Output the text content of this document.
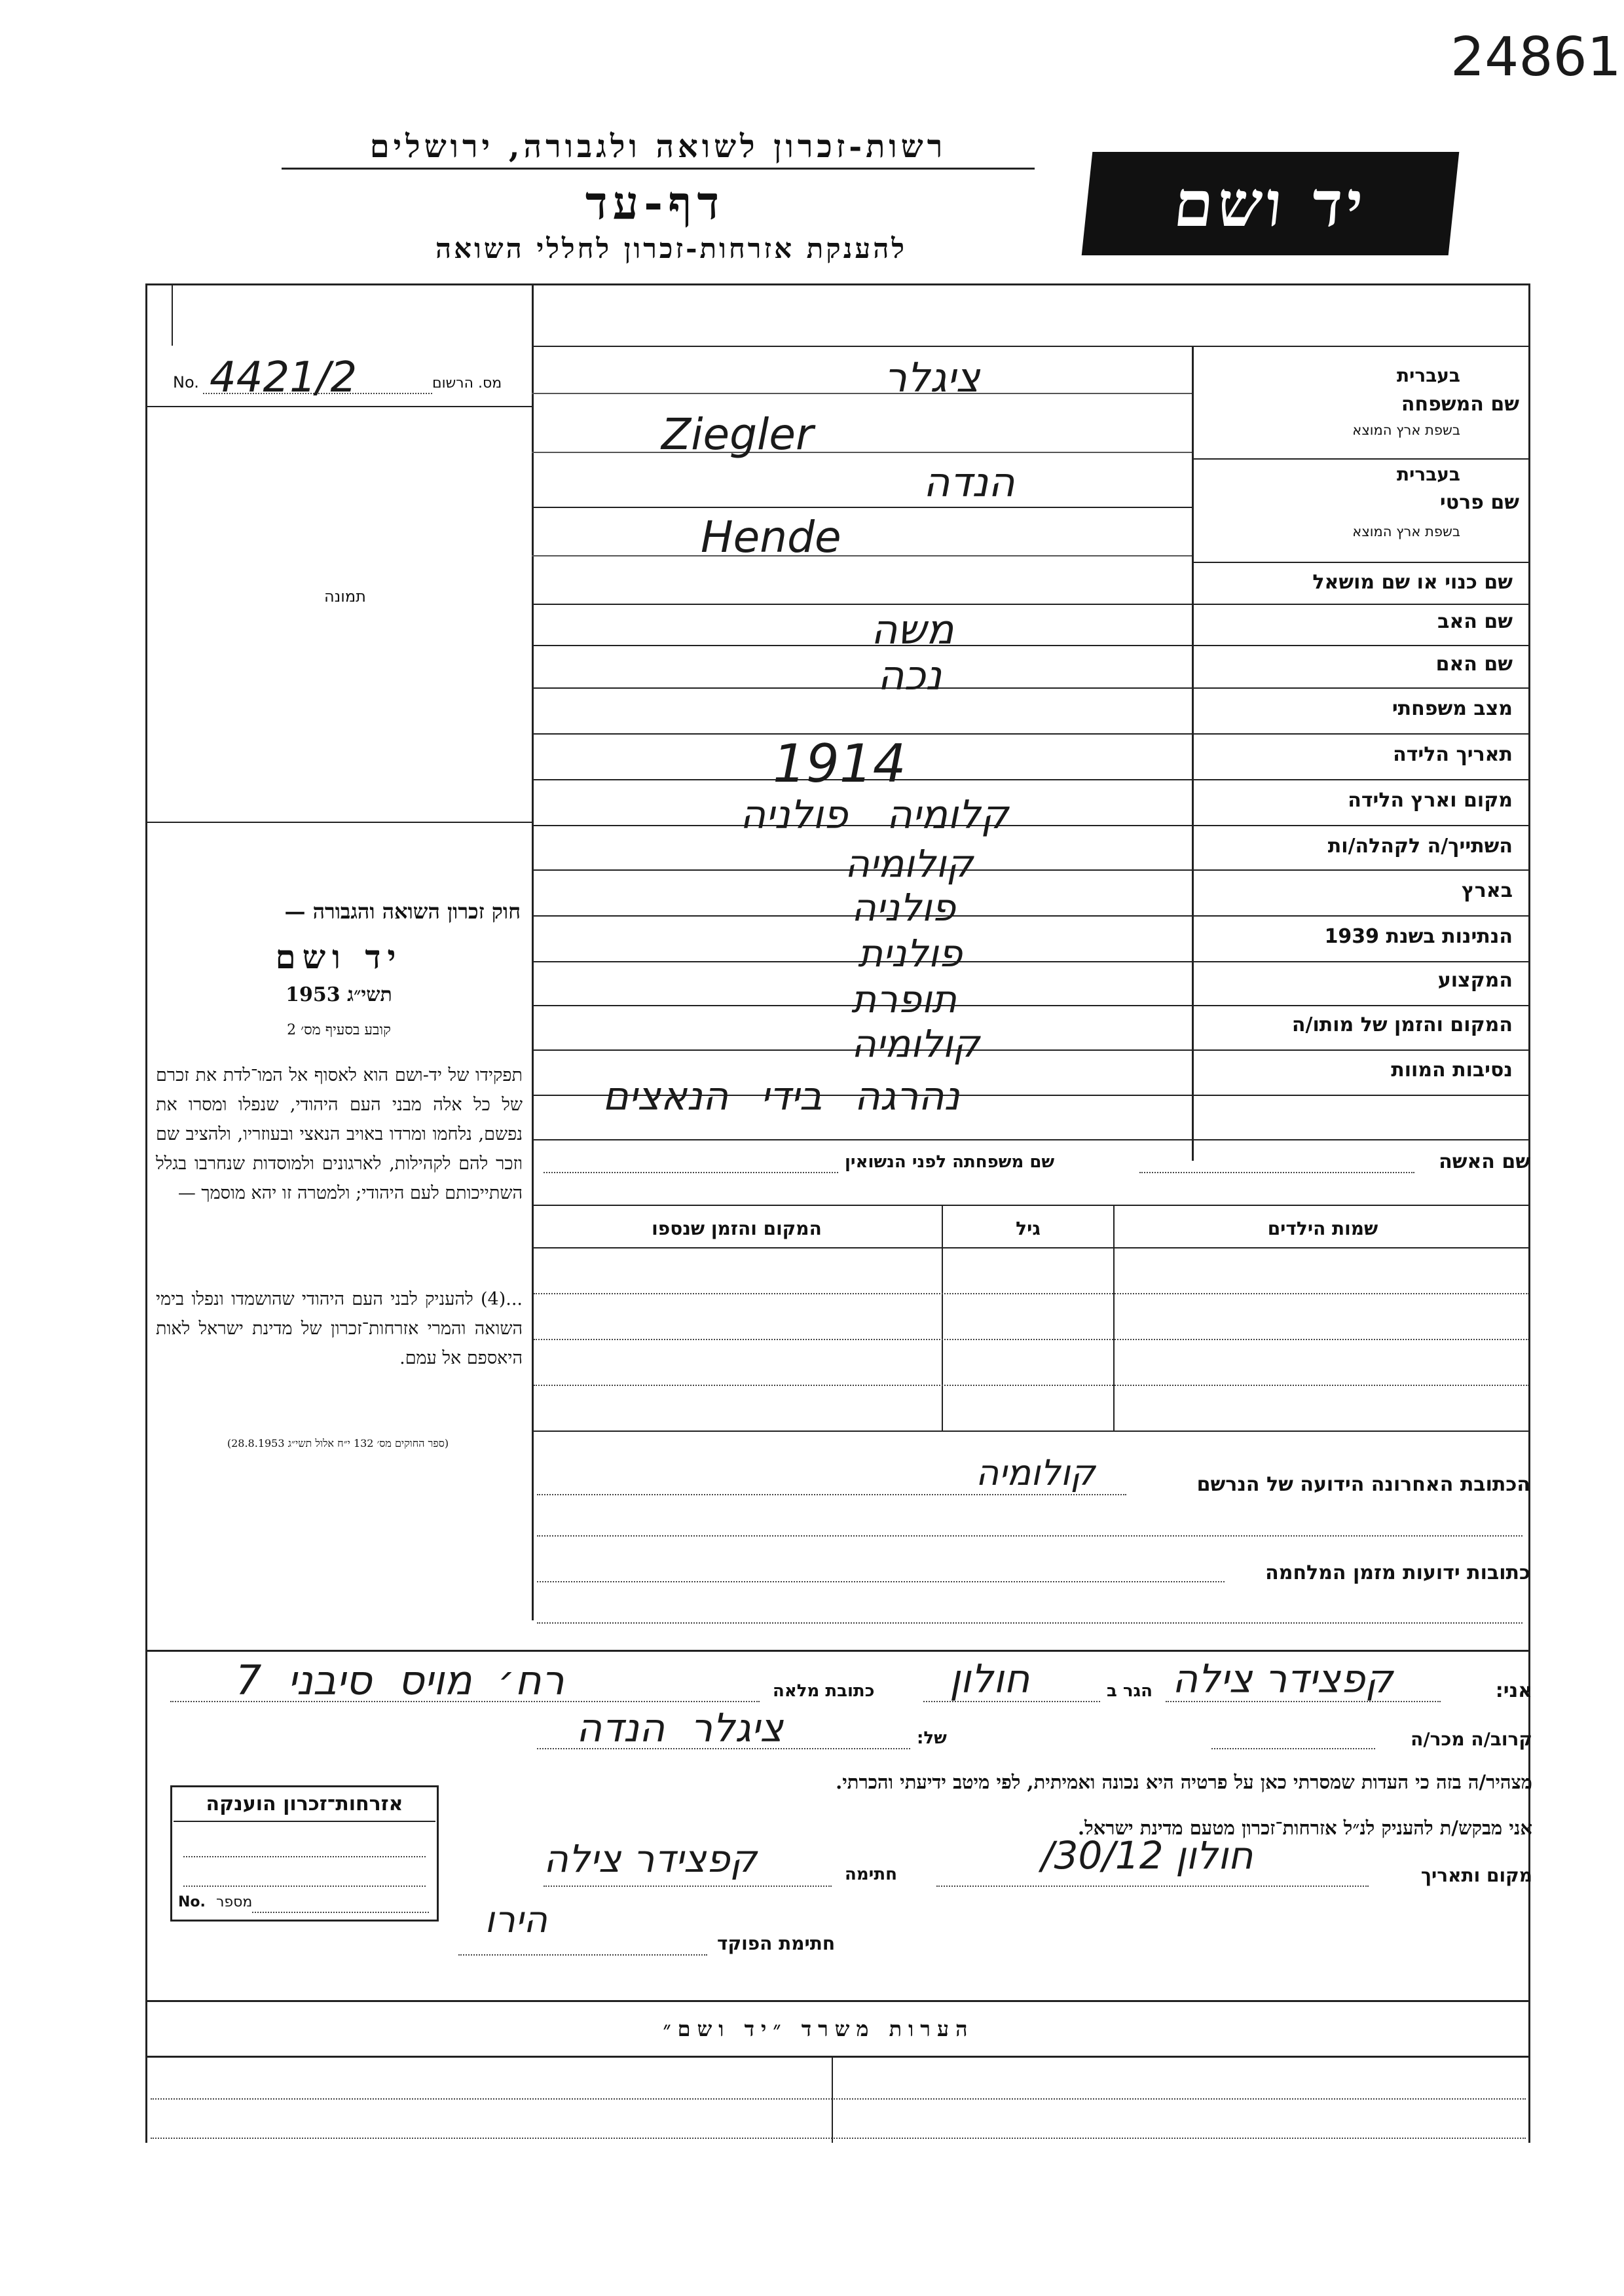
24861
רשות-זכרון לשואה ולגבורה, ירושלים
דף-עד
להענקת אזרחות-זכרון לחללי השואה
יד ושם
מס. הרשום
No. 4421/2
תמונה
חוק זכרון השואה והגבורה —
יד ושם
תשי״ג 1953
קובע בסעיף מס׳ 2
תפקידו של יד-ושם הוא לאסוף אל המו־לדת את זכרם של כל אלה מבני העם היהודי, שנפלו ומסרו את נפשם, נלחמו ומרדו באויב הנאצי ובעוזריו, ולהציב שם וזכר להם לקהילות, לארגונים ולמוסדות שנחרבו בגלל השתייכותם לעם היהודי; ולמטרה זו יהא מוסמך —
...(4) להעניק לבני העם היהודי שהושמדו ונפלו בימי השואה והמרי אזרחות־זכרון של מדינת ישראל לאות היאספם אל עמם.
(ספר החוקים מס׳ 132 י״ח אלול תשי״ג 28.8.1953)
בעברית
שם המשפחה
בשפת ארץ המוצא
בעברית
שם פרטי
בשפת ארץ המוצא
שם כנוי או שם מושאל
שם האב
שם האם
מצב משפחתי
תאריך הלידה
מקום וארץ הלידה
השתייך/ה לקהלה/ות
בארץ
הנתינות בשנת 1939
המקצוע
המקום והזמן של מותו/ה
נסיבות המוות
ציגלר
Ziegler
הנדה
Hende
משה
נכה
1914
קלומיה פולניה
קולומיה
פולניה
פולנית
תופרת
קולומיה
נהרגה בידי הנאצים
שם האשה
שם משפחתה לפני הנשואין
שמות הילדים
גיל
המקום והזמן שנספו
הכתובת האחרונה הידועה של הנרשם
קולומיה
כתובות ידועות מזמן המלחמה
אני:
קפצידר צילה
הגר ב
חולון
כתובת מלאה
רח׳ מויס סיבני 7
קרוב/ה מכר/ה
של:
ציגלר הנדה
מצהיר/ה בזה כי העדות שמסרתי כאן על פרטיה היא נכונה ואמיתית, לפי מיטב ידיעתי והכרתי.
אני מבקש/ת להעניק לנ״ל אזרחות־זכרון מטעם מדינת ישראל.
מקום ותאריך
חולון 30/12/
חתימה
קפצידר צילה
חתימת הפוקד
הירו
אזרחות־זכרון הוענקה
No. מספר
הערות משרד ״יד ושם״
